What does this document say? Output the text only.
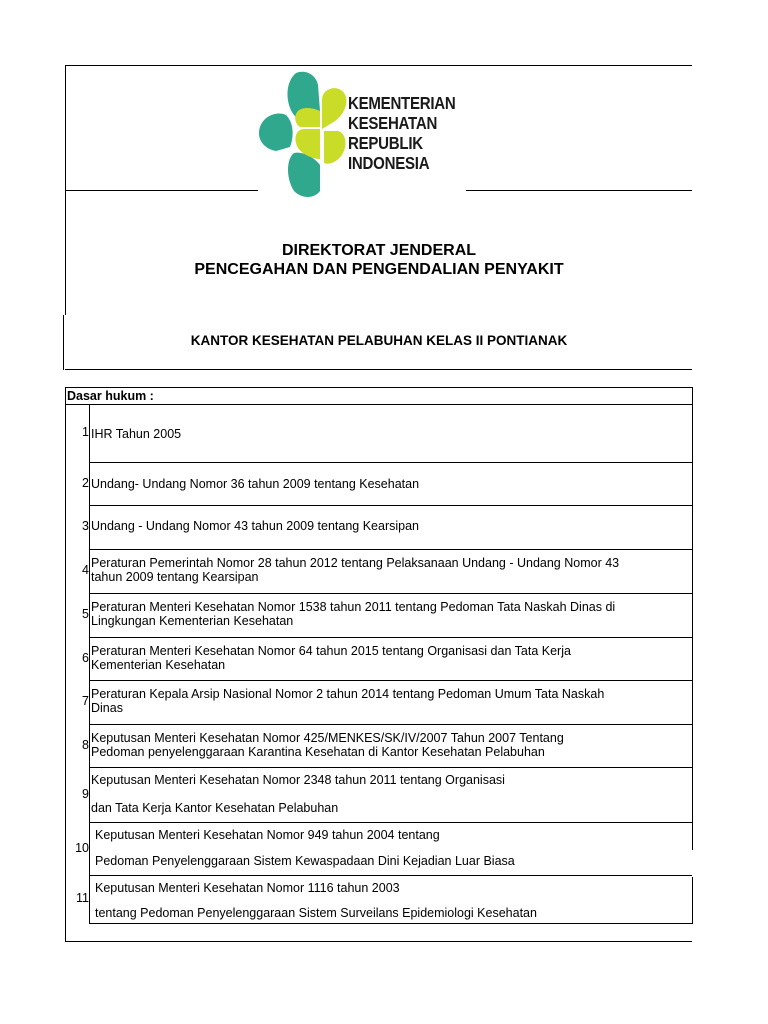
KEMENTERIAN
KESEHATAN
REPUBLIK
INDONESIA
DIREKTORAT JENDERAL
PENCEGAHAN DAN PENGENDALIAN PENYAKIT
KANTOR KESEHATAN PELABUHAN KELAS II PONTIANAK
Dasar hukum :
1 IHR Tahun 2005
2 Undang- Undang Nomor 36 tahun 2009 tentang Kesehatan
3 Undang - Undang Nomor 43 tahun 2009 tentang Kearsipan
4 Peraturan Pemerintah Nomor 28 tahun 2012 tentang Pelaksanaan Undang - Undang Nomor 43
tahun 2009 tentang Kearsipan
5 Peraturan Menteri Kesehatan Nomor 1538 tahun 2011 tentang Pedoman Tata Naskah Dinas di
Lingkungan Kementerian Kesehatan
6 Peraturan Menteri Kesehatan Nomor 64 tahun 2015 tentang Organisasi dan Tata Kerja
Kementerian Kesehatan
7 Peraturan Kepala Arsip Nasional Nomor 2 tahun 2014 tentang Pedoman Umum Tata Naskah
Dinas
8 Keputusan Menteri Kesehatan Nomor 425/MENKES/SK/IV/2007 Tahun 2007 Tentang
Pedoman penyelenggaraan Karantina Kesehatan di Kantor Kesehatan Pelabuhan
9
Keputusan Menteri Kesehatan Nomor 2348 tahun 2011 tentang Organisasi
dan Tata Kerja Kantor Kesehatan Pelabuhan
10
Keputusan Menteri Kesehatan Nomor 949 tahun 2004 tentang
Pedoman Penyelenggaraan Sistem Kewaspadaan Dini Kejadian Luar Biasa
11
Keputusan Menteri Kesehatan Nomor 1116 tahun 2003
tentang Pedoman Penyelenggaraan Sistem Surveilans Epidemiologi Kesehatan
